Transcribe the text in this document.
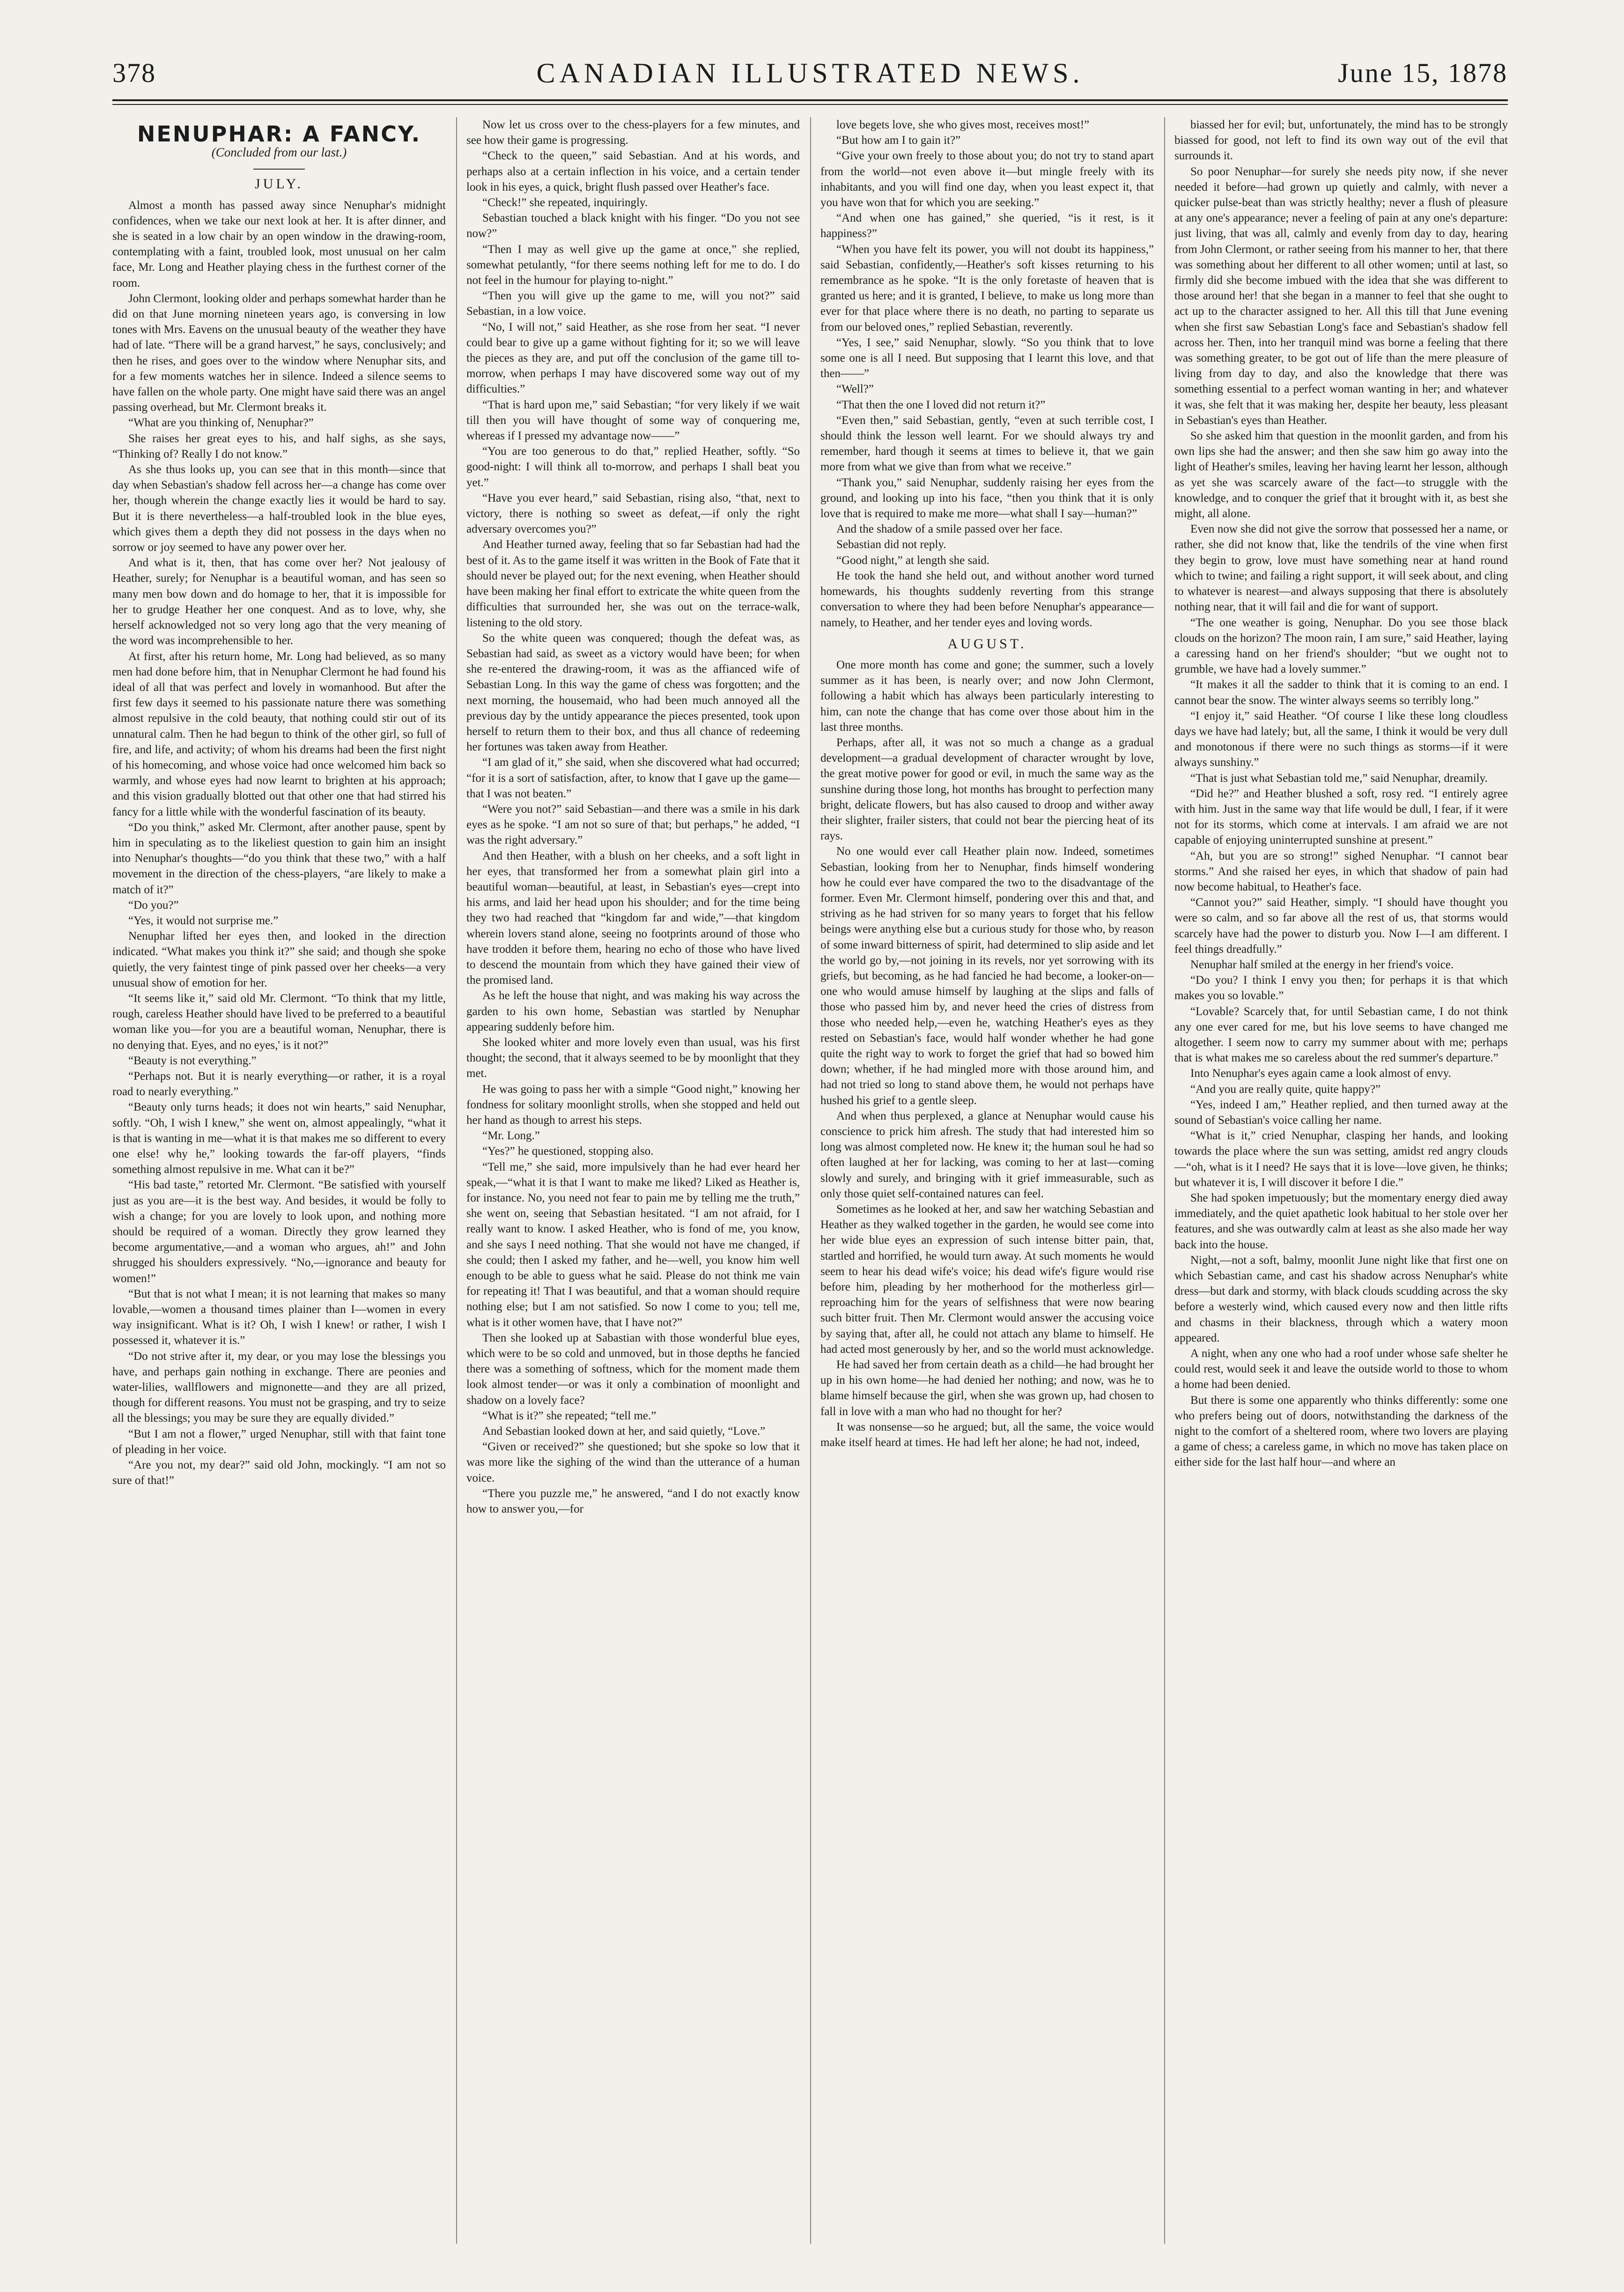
378	CANADIAN ILLUSTRATED NEWS.	June 15, 1878
NENUPHAR: A FANCY.
(Concluded from our last.)
JULY.

Almost a month has passed away since Nenuphar's midnight confidences, when we take our next look at her. It is after dinner, and she is seated in a low chair by an open window in the drawing-room, contemplating with a faint, troubled look, most unusual on her calm face, Mr. Long and Heather playing chess in the furthest corner of the room.

John Clermont, looking older and perhaps somewhat harder than he did on that June morning nineteen years ago, is conversing in low tones with Mrs. Eavens on the unusual beauty of the weather they have had of late. “There will be a grand harvest,” he says, conclusively; and then he rises, and goes over to the window where Nenuphar sits, and for a few moments watches her in silence. Indeed a silence seems to have fallen on the whole party. One might have said there was an angel passing overhead, but Mr. Clermont breaks it.

“What are you thinking of, Nenuphar?”

She raises her great eyes to his, and half sighs, as she says, “Thinking of? Really I do not know.”

As she thus looks up, you can see that in this month—since that day when Sebastian's shadow fell across her—a change has come over her, though wherein the change exactly lies it would be hard to say. But it is there nevertheless—a half-troubled look in the blue eyes, which gives them a depth they did not possess in the days when no sorrow or joy seemed to have any power over her.

And what is it, then, that has come over her? Not jealousy of Heather, surely; for Nenuphar is a beautiful woman, and has seen so many men bow down and do homage to her, that it is impossible for her to grudge Heather her one conquest. And as to love, why, she herself acknowledged not so very long ago that the very meaning of the word was incomprehensible to her.

At first, after his return home, Mr. Long had believed, as so many men had done before him, that in Nenuphar Clermont he had found his ideal of all that was perfect and lovely in womanhood. But after the first few days it seemed to his passionate nature there was something almost repulsive in the cold beauty, that nothing could stir out of its unnatural calm. Then he had begun to think of the other girl, so full of fire, and life, and activity; of whom his dreams had been the first night of his homecoming, and whose voice had once welcomed him back so warmly, and whose eyes had now learnt to brighten at his approach; and this vision gradually blotted out that other one that had stirred his fancy for a little while with the wonderful fascination of its beauty.

“Do you think,” asked Mr. Clermont, after another pause, spent by him in speculating as to the likeliest question to gain him an insight into Nenuphar's thoughts—“do you think that these two,” with a half movement in the direction of the chess-players, “are likely to make a match of it?”

“Do you?”

“Yes, it would not surprise me.”

Nenuphar lifted her eyes then, and looked in the direction indicated. “What makes you think it?” she said; and though she spoke quietly, the very faintest tinge of pink passed over her cheeks—a very unusual show of emotion for her.

“It seems like it,” said old Mr. Clermont. “To think that my little, rough, careless Heather should have lived to be preferred to a beautiful woman like you—for you are a beautiful woman, Nenuphar, there is no denying that. Eyes, and no eyes,' is it not?”

“Beauty is not everything.”

“Perhaps not. But it is nearly everything—or rather, it is a royal road to nearly everything.”

“Beauty only turns heads; it does not win hearts,” said Nenuphar, softly. “Oh, I wish I knew,” she went on, almost appealingly, “what it is that is wanting in me—what it is that makes me so different to every one else! why he,” looking towards the far-off players, “finds something almost repulsive in me. What can it be?”

“His bad taste,” retorted Mr. Clermont. “Be satisfied with yourself just as you are—it is the best way. And besides, it would be folly to wish a change; for you are lovely to look upon, and nothing more should be required of a woman. Directly they grow learned they become argumentative,—and a woman who argues, ah!” and John shrugged his shoulders expressively. “No,—ignorance and beauty for women!”

“But that is not what I mean; it is not learning that makes so many lovable,—women a thousand times plainer than I—women in every way insignificant. What is it? Oh, I wish I knew! or rather, I wish I possessed it, whatever it is.”

“Do not strive after it, my dear, or you may lose the blessings you have, and perhaps gain nothing in exchange. There are peonies and water-lilies, wallflowers and mignonette—and they are all prized, though for different reasons. You must not be grasping, and try to seize all the blessings; you may be sure they are equally divided.”

“But I am not a flower,” urged Nenuphar, still with that faint tone of pleading in her voice.

“Are you not, my dear?” said old John, mockingly. “I am not so sure of that!”

Now let us cross over to the chess-players for a few minutes, and see how their game is progressing.

“Check to the queen,” said Sebastian. And at his words, and perhaps also at a certain inflection in his voice, and a certain tender look in his eyes, a quick, bright flush passed over Heather's face.

“Check!” she repeated, inquiringly.

Sebastian touched a black knight with his finger. “Do you not see now?”

“Then I may as well give up the game at once,” she replied, somewhat petulantly, “for there seems nothing left for me to do. I do not feel in the humour for playing to-night.”

“Then you will give up the game to me, will you not?” said Sebastian, in a low voice.

“No, I will not,” said Heather, as she rose from her seat. “I never could bear to give up a game without fighting for it; so we will leave the pieces as they are, and put off the conclusion of the game till to-morrow, when perhaps I may have discovered some way out of my difficulties.”

“That is hard upon me,” said Sebastian; “for very likely if we wait till then you will have thought of some way of conquering me, whereas if I pressed my advantage now——”

“You are too generous to do that,” replied Heather, softly. “So good-night: I will think all to-morrow, and perhaps I shall beat you yet.”

“Have you ever heard,” said Sebastian, rising also, “that, next to victory, there is nothing so sweet as defeat,—if only the right adversary overcomes you?”

And Heather turned away, feeling that so far Sebastian had had the best of it. As to the game itself it was written in the Book of Fate that it should never be played out; for the next evening, when Heather should have been making her final effort to extricate the white queen from the difficulties that surrounded her, she was out on the terrace-walk, listening to the old story.

So the white queen was conquered; though the defeat was, as Sebastian had said, as sweet as a victory would have been; for when she re-entered the drawing-room, it was as the affianced wife of Sebastian Long. In this way the game of chess was forgotten; and the next morning, the housemaid, who had been much annoyed all the previous day by the untidy appearance the pieces presented, took upon herself to return them to their box, and thus all chance of redeeming her fortunes was taken away from Heather.

“I am glad of it,” she said, when she discovered what had occurred; “for it is a sort of satisfaction, after, to know that I gave up the game—that I was not beaten.”

“Were you not?” said Sebastian—and there was a smile in his dark eyes as he spoke. “I am not so sure of that; but perhaps,” he added, “I was the right adversary.”

And then Heather, with a blush on her cheeks, and a soft light in her eyes, that transformed her from a somewhat plain girl into a beautiful woman—beautiful, at least, in Sebastian's eyes—crept into his arms, and laid her head upon his shoulder; and for the time being they two had reached that “kingdom far and wide,”—that kingdom wherein lovers stand alone, seeing no footprints around of those who have trodden it before them, hearing no echo of those who have lived to descend the mountain from which they have gained their view of the promised land.

As he left the house that night, and was making his way across the garden to his own home, Sebastian was startled by Nenuphar appearing suddenly before him.

She looked whiter and more lovely even than usual, was his first thought; the second, that it always seemed to be by moonlight that they met.

He was going to pass her with a simple “Good night,” knowing her fondness for solitary moonlight strolls, when she stopped and held out her hand as though to arrest his steps.

“Mr. Long.”

“Yes?” he questioned, stopping also.

“Tell me,” she said, more impulsively than he had ever heard her speak,—“what it is that I want to make me liked? Liked as Heather is, for instance. No, you need not fear to pain me by telling me the truth,” she went on, seeing that Sebastian hesitated. “I am not afraid, for I really want to know. I asked Heather, who is fond of me, you know, and she says I need nothing. That she would not have me changed, if she could; then I asked my father, and he—well, you know him well enough to be able to guess what he said. Please do not think me vain for repeating it! That I was beautiful, and that a woman should require nothing else; but I am not satisfied. So now I come to you; tell me, what is it other women have, that I have not?”

Then she looked up at Sabastian with those wonderful blue eyes, which were to be so cold and unmoved, but in those depths he fancied there was a something of softness, which for the moment made them look almost tender—or was it only a combination of moonlight and shadow on a lovely face?

“What is it?” she repeated; “tell me.”

And Sebastian looked down at her, and said quietly, “Love.”

“Given or received?” she questioned; but she spoke so low that it was more like the sighing of the wind than the utterance of a human voice.

“There you puzzle me,” he answered, “and I do not exactly know how to answer you,—for

love begets love, she who gives most, receives most!”

“But how am I to gain it?”

“Give your own freely to those about you; do not try to stand apart from the world—not even above it—but mingle freely with its inhabitants, and you will find one day, when you least expect it, that you have won that for which you are seeking.”

“And when one has gained,” she queried, “is it rest, is it happiness?”

“When you have felt its power, you will not doubt its happiness,” said Sebastian, confidently,—Heather's soft kisses returning to his remembrance as he spoke. “It is the only foretaste of heaven that is granted us here; and it is granted, I believe, to make us long more than ever for that place where there is no death, no parting to separate us from our beloved ones,” replied Sebastian, reverently.

“Yes, I see,” said Nenuphar, slowly. “So you think that to love some one is all I need. But supposing that I learnt this love, and that then——”

“Well?”

“That then the one I loved did not return it?”

“Even then,” said Sebastian, gently, “even at such terrible cost, I should think the lesson well learnt. For we should always try and remember, hard though it seems at times to believe it, that we gain more from what we give than from what we receive.”

“Thank you,” said Nenuphar, suddenly raising her eyes from the ground, and looking up into his face, “then you think that it is only love that is required to make me more—what shall I say—human?”

And the shadow of a smile passed over her face.

Sebastian did not reply.

“Good night,” at length she said.

He took the hand she held out, and without another word turned homewards, his thoughts suddenly reverting from this strange conversation to where they had been before Nenuphar's appearance—namely, to Heather, and her tender eyes and loving words.

AUGUST.

One more month has come and gone; the summer, such a lovely summer as it has been, is nearly over; and now John Clermont, following a habit which has always been particularly interesting to him, can note the change that has come over those about him in the last three months.

Perhaps, after all, it was not so much a change as a gradual development—a gradual development of character wrought by love, the great motive power for good or evil, in much the same way as the sunshine during those long, hot months has brought to perfection many bright, delicate flowers, but has also caused to droop and wither away their slighter, frailer sisters, that could not bear the piercing heat of its rays.

No one would ever call Heather plain now. Indeed, sometimes Sebastian, looking from her to Nenuphar, finds himself wondering how he could ever have compared the two to the disadvantage of the former. Even Mr. Clermont himself, pondering over this and that, and striving as he had striven for so many years to forget that his fellow beings were anything else but a curious study for those who, by reason of some inward bitterness of spirit, had determined to slip aside and let the world go by,—not joining in its revels, nor yet sorrowing with its griefs, but becoming, as he had fancied he had become, a looker-on—one who would amuse himself by laughing at the slips and falls of those who passed him by, and never heed the cries of distress from those who needed help,—even he, watching Heather's eyes as they rested on Sebastian's face, would half wonder whether he had gone quite the right way to work to forget the grief that had so bowed him down; whether, if he had mingled more with those around him, and had not tried so long to stand above them, he would not perhaps have hushed his grief to a gentle sleep.

And when thus perplexed, a glance at Nenuphar would cause his conscience to prick him afresh. The study that had interested him so long was almost completed now. He knew it; the human soul he had so often laughed at her for lacking, was coming to her at last—coming slowly and surely, and bringing with it grief immeasurable, such as only those quiet self-contained natures can feel.

Sometimes as he looked at her, and saw her watching Sebastian and Heather as they walked together in the garden, he would see come into her wide blue eyes an expression of such intense bitter pain, that, startled and horrified, he would turn away. At such moments he would seem to hear his dead wife's voice; his dead wife's figure would rise before him, pleading by her motherhood for the motherless girl—reproaching him for the years of selfishness that were now bearing such bitter fruit. Then Mr. Clermont would answer the accusing voice by saying that, after all, he could not attach any blame to himself. He had acted most generously by her, and so the world must acknowledge.

He had saved her from certain death as a child—he had brought her up in his own home—he had denied her nothing; and now, was he to blame himself because the girl, when she was grown up, had chosen to fall in love with a man who had no thought for her?

It was nonsense—so he argued; but, all the same, the voice would make itself heard at times. He had left her alone; he had not, indeed,

biassed her for evil; but, unfortunately, the mind has to be strongly biassed for good, not left to find its own way out of the evil that surrounds it.

So poor Nenuphar—for surely she needs pity now, if she never needed it before—had grown up quietly and calmly, with never a quicker pulse-beat than was strictly healthy; never a flush of pleasure at any one's appearance; never a feeling of pain at any one's departure: just living, that was all, calmly and evenly from day to day, hearing from John Clermont, or rather seeing from his manner to her, that there was something about her different to all other women; until at last, so firmly did she become imbued with the idea that she was different to those around her! that she began in a manner to feel that she ought to act up to the character assigned to her. All this till that June evening when she first saw Sebastian Long's face and Sebastian's shadow fell across her. Then, into her tranquil mind was borne a feeling that there was something greater, to be got out of life than the mere pleasure of living from day to day, and also the knowledge that there was something essential to a perfect woman wanting in her; and whatever it was, she felt that it was making her, despite her beauty, less pleasant in Sebastian's eyes than Heather.

So she asked him that question in the moonlit garden, and from his own lips she had the answer; and then she saw him go away into the light of Heather's smiles, leaving her having learnt her lesson, although as yet she was scarcely aware of the fact—to struggle with the knowledge, and to conquer the grief that it brought with it, as best she might, all alone.

Even now she did not give the sorrow that possessed her a name, or rather, she did not know that, like the tendrils of the vine when first they begin to grow, love must have something near at hand round which to twine; and failing a right support, it will seek about, and cling to whatever is nearest—and always supposing that there is absolutely nothing near, that it will fail and die for want of support.

“The one weather is going, Nenuphar. Do you see those black clouds on the horizon? The moon rain, I am sure,” said Heather, laying a caressing hand on her friend's shoulder; “but we ought not to grumble, we have had a lovely summer.”

“It makes it all the sadder to think that it is coming to an end. I cannot bear the snow. The winter always seems so terribly long.”

“I enjoy it,” said Heather. “Of course I like these long cloudless days we have had lately; but, all the same, I think it would be very dull and monotonous if there were no such things as storms—if it were always sunshiny.”

“That is just what Sebastian told me,” said Nenuphar, dreamily.

“Did he?” and Heather blushed a soft, rosy red. “I entirely agree with him. Just in the same way that life would be dull, I fear, if it were not for its storms, which come at intervals. I am afraid we are not capable of enjoying uninterrupted sunshine at present.”

“Ah, but you are so strong!” sighed Nenuphar. “I cannot bear storms.” And she raised her eyes, in which that shadow of pain had now become habitual, to Heather's face.

“Cannot you?” said Heather, simply. “I should have thought you were so calm, and so far above all the rest of us, that storms would scarcely have had the power to disturb you. Now I—I am different. I feel things dreadfully.”

Nenuphar half smiled at the energy in her friend's voice.

“Do you? I think I envy you then; for perhaps it is that which makes you so lovable.”

“Lovable? Scarcely that, for until Sebastian came, I do not think any one ever cared for me, but his love seems to have changed me altogether. I seem now to carry my summer about with me; perhaps that is what makes me so careless about the red summer's departure.”

Into Nenuphar's eyes again came a look almost of envy.

“And you are really quite, quite happy?”

“Yes, indeed I am,” Heather replied, and then turned away at the sound of Sebastian's voice calling her name.

“What is it,” cried Nenuphar, clasping her hands, and looking towards the place where the sun was setting, amidst red angry clouds—“oh, what is it I need? He says that it is love—love given, he thinks; but whatever it is, I will discover it before I die.”

She had spoken impetuously; but the momentary energy died away immediately, and the quiet apathetic look habitual to her stole over her features, and she was outwardly calm at least as she also made her way back into the house.

Night,—not a soft, balmy, moonlit June night like that first one on which Sebastian came, and cast his shadow across Nenuphar's white dress—but dark and stormy, with black clouds scudding across the sky before a westerly wind, which caused every now and then little rifts and chasms in their blackness, through which a watery moon appeared.

A night, when any one who had a roof under whose safe shelter he could rest, would seek it and leave the outside world to those to whom a home had been denied.

But there is some one apparently who thinks differently: some one who prefers being out of doors, notwithstanding the darkness of the night to the comfort of a sheltered room, where two lovers are playing a game of chess; a careless game, in which no move has taken place on either side for the last half hour—and where an
